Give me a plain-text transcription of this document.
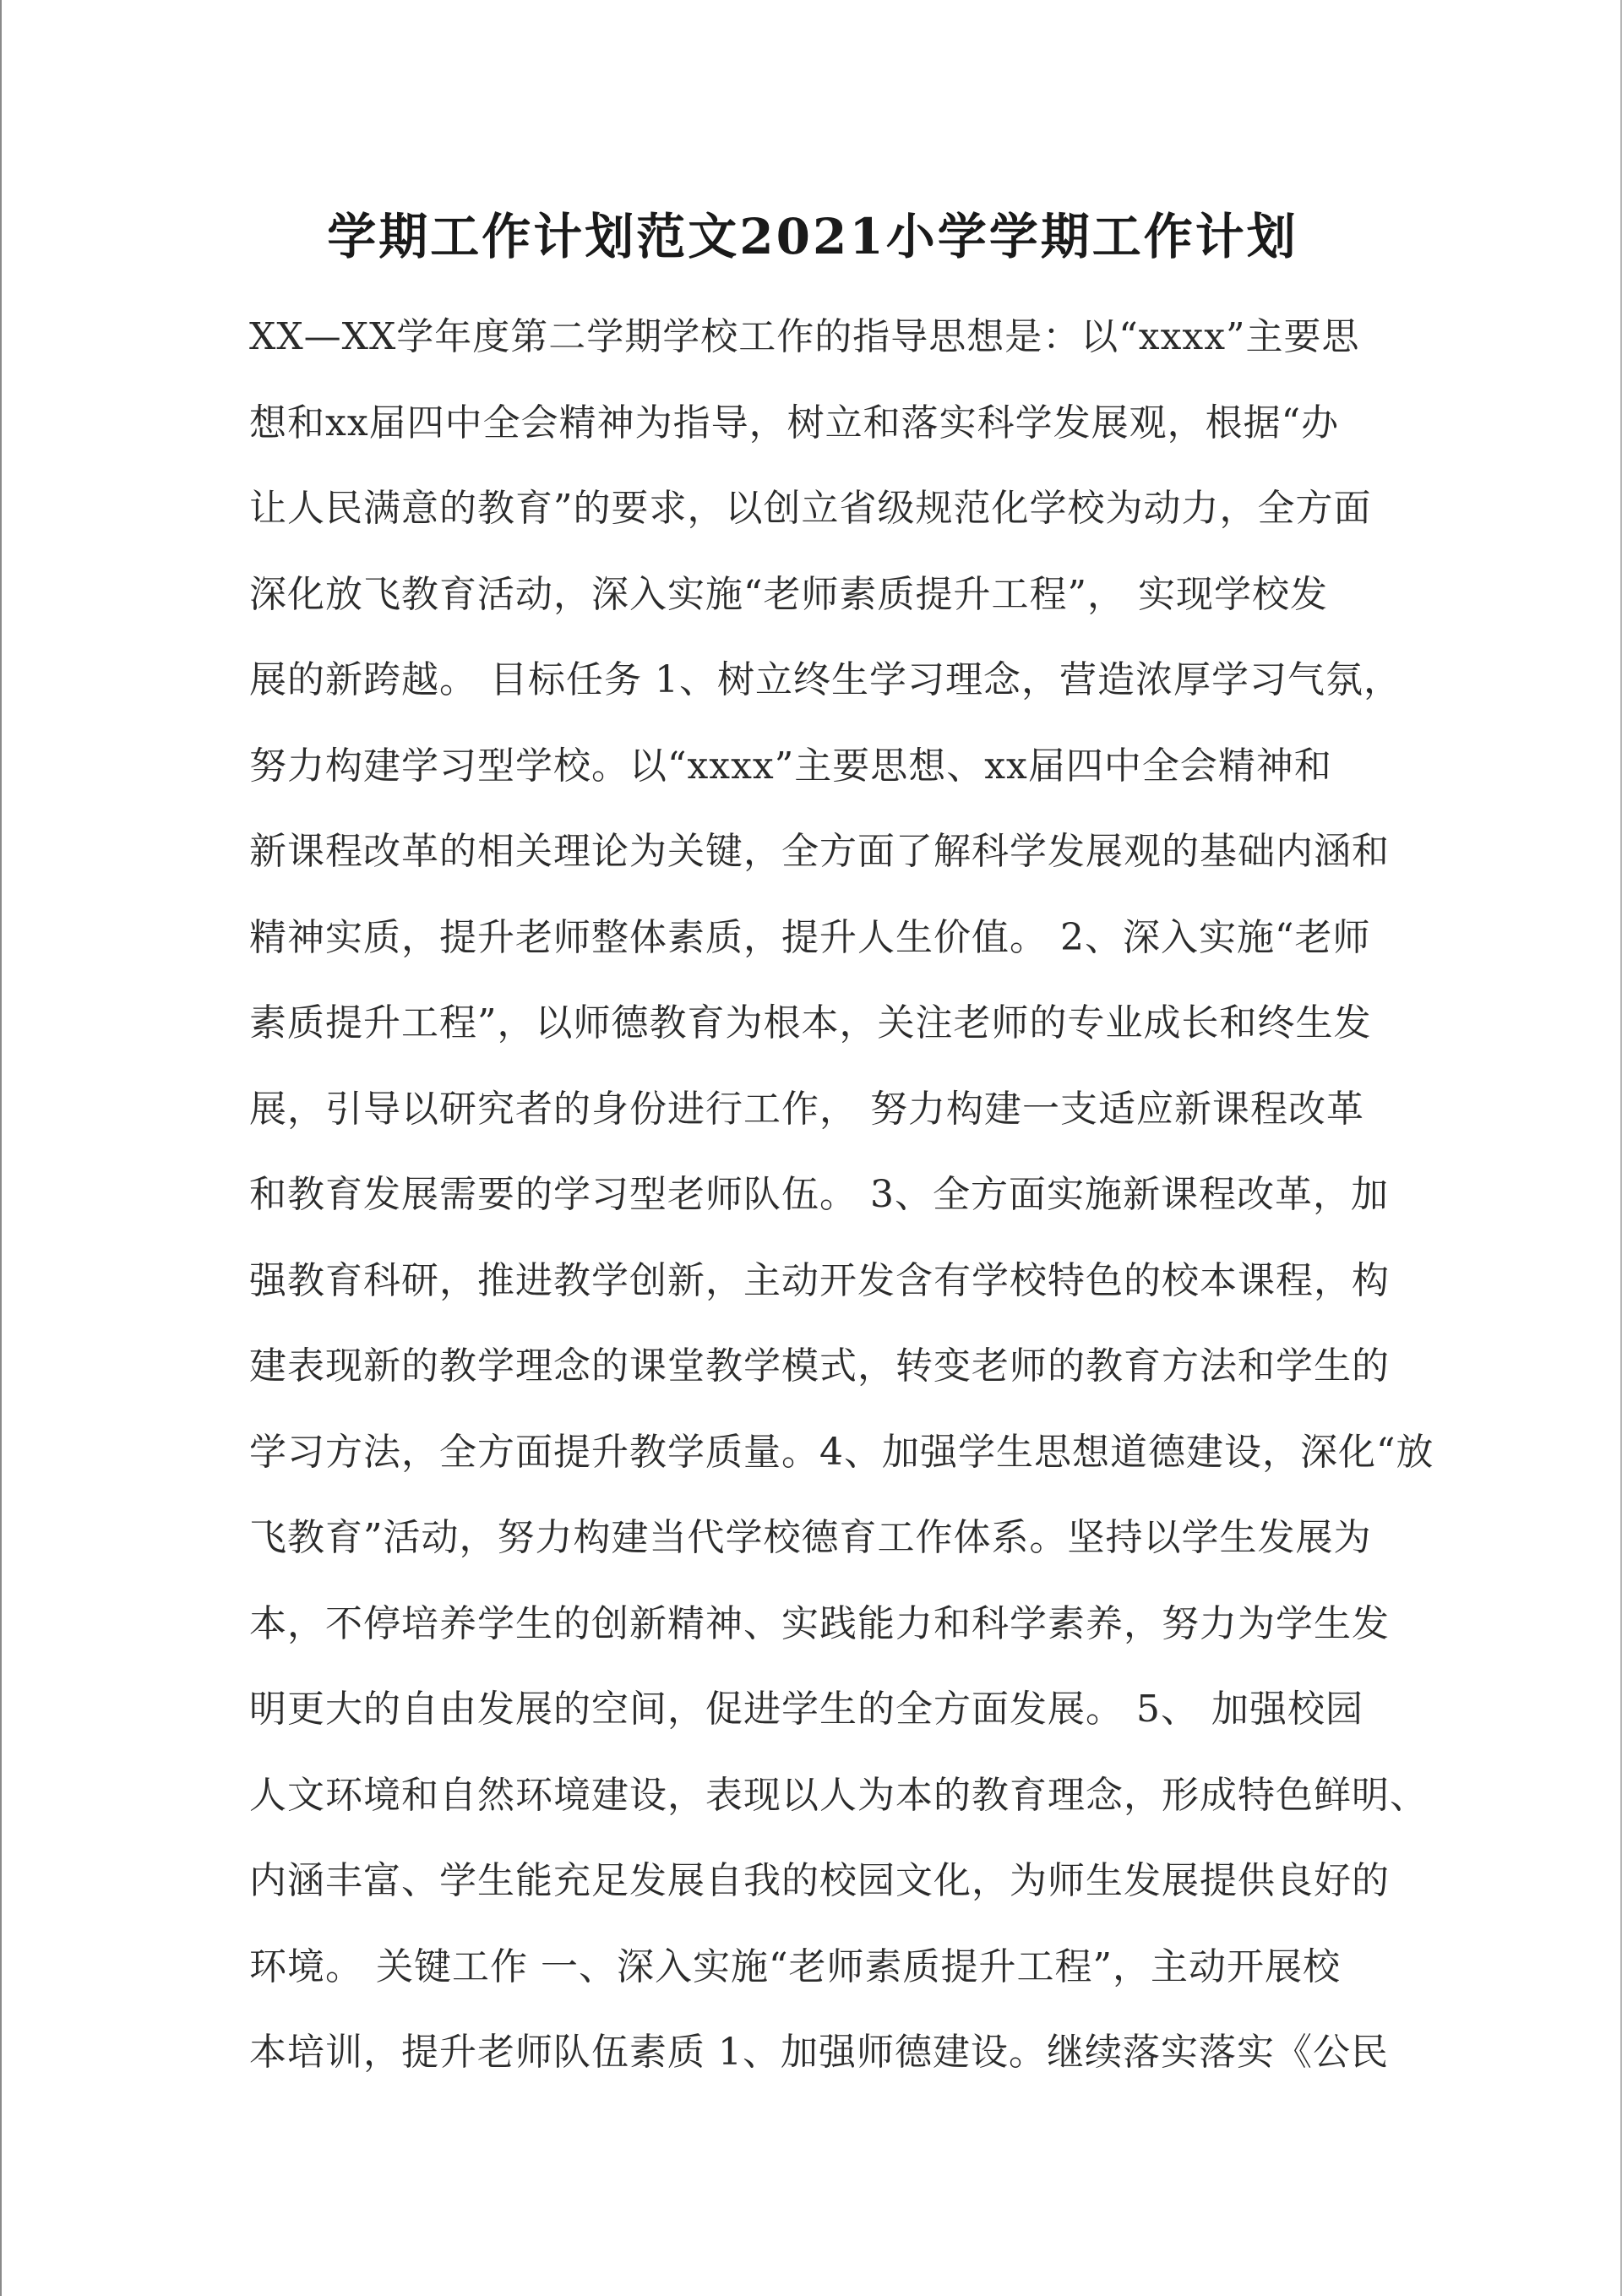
学期工作计划范文2021小学学期工作计划
XX—XX学年度第二学期学校工作的指导思想是：以“xxxx”主要思
想和xx届四中全会精神为指导，树立和落实科学发展观，根据“办
让人民满意的教育”的要求，以创立省级规范化学校为动力，全方面
深化放飞教育活动，深入实施“老师素质提升工程”， 实现学校发
展的新跨越。 目标任务 1、树立终生学习理念，营造浓厚学习气氛，
努力构建学习型学校。以“xxxx”主要思想、xx届四中全会精神和
新课程改革的相关理论为关键，全方面了解科学发展观的基础内涵和
精神实质，提升老师整体素质，提升人生价值。 2、深入实施“老师
素质提升工程”，以师德教育为根本，关注老师的专业成长和终生发
展，引导以研究者的身份进行工作， 努力构建一支适应新课程改革
和教育发展需要的学习型老师队伍。 3、全方面实施新课程改革，加
强教育科研，推进教学创新，主动开发含有学校特色的校本课程，构
建表现新的教学理念的课堂教学模式，转变老师的教育方法和学生的
学习方法，全方面提升教学质量。4、加强学生思想道德建设，深化“放
飞教育”活动，努力构建当代学校德育工作体系。坚持以学生发展为
本，不停培养学生的创新精神、实践能力和科学素养，努力为学生发
明更大的自由发展的空间，促进学生的全方面发展。 5、 加强校园
人文环境和自然环境建设，表现以人为本的教育理念，形成特色鲜明、
内涵丰富、学生能充足发展自我的校园文化，为师生发展提供良好的
环境。 关键工作 一、深入实施“老师素质提升工程”，主动开展校
本培训，提升老师队伍素质 1、加强师德建设。继续落实落实《公民
